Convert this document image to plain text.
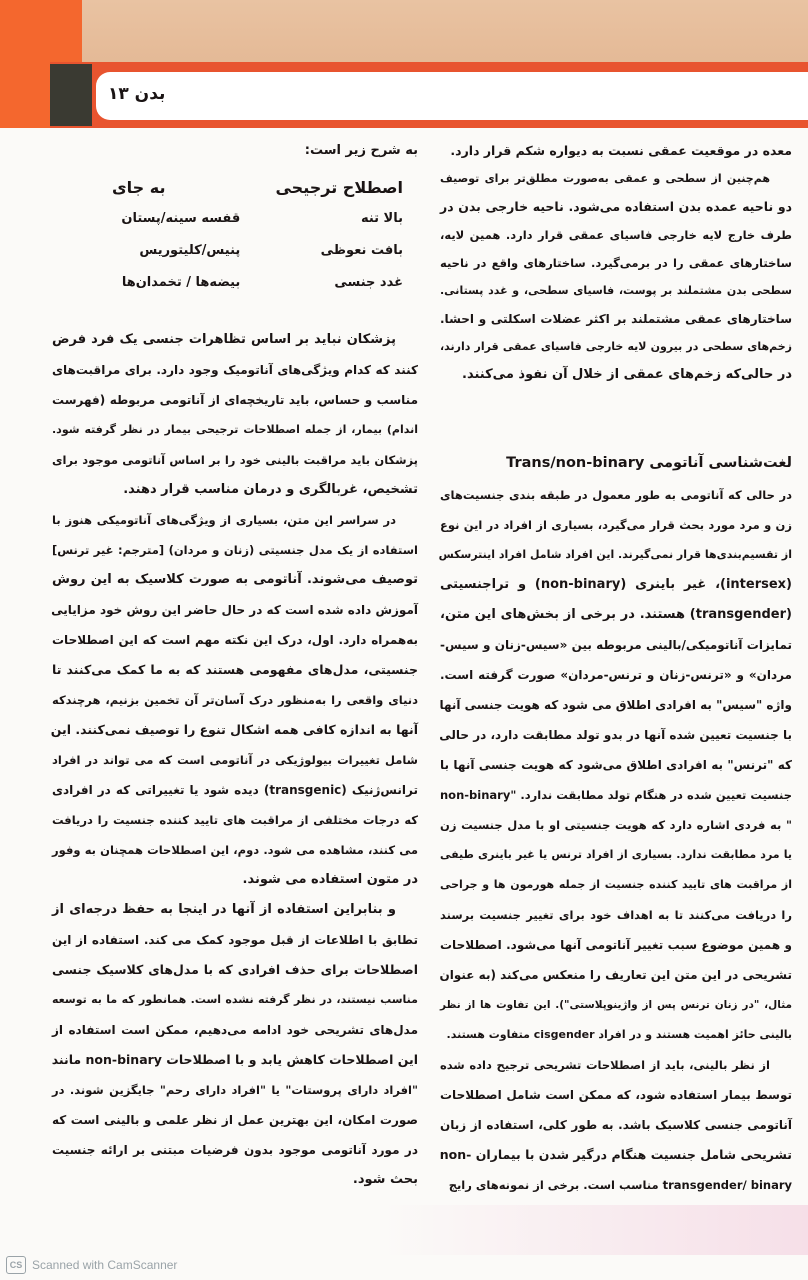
بدن ۱۳
معده در موقعیت عمقی نسبت به دیواره شکم قرار دارد.
هم‌چنین از سطحی و عمقی به‌صورت مطلق‌تر برای توصیف
دو ناحیه عمده بدن استفاده می‌شود. ناحیه خارجی بدن در
طرف خارج لایه خارجی فاسیای عمقی قرار دارد. همین لایه،
ساختارهای عمقی را در برمی‌گیرد. ساختارهای واقع در ناحیه
سطحی بدن مشتملند بر پوست، فاسیای سطحی، و غدد پستانی.
ساختارهای عمقی مشتملند بر اکثر عضلات اسکلتی و احشا.
زخم‌های سطحی در بیرون لایه خارجی فاسیای عمقی قرار دارند،
در حالی‌که زخم‌های عمقی از خلال آن نفوذ می‌کنند.
لغت‌شناسی آناتومی Trans/non-binary
در حالی که آناتومی به طور معمول در طبقه بندی جنسیت‌های
زن و مرد مورد بحث قرار می‌گیرد، بسیاری از افراد در این نوع
از تقسیم‌بندی‌ها قرار نمی‌گیرند. این افراد شامل افراد اینترسکس
(intersex)، غیر باینری (non-binary) و تراجنسیتی
(transgender) هستند. در برخی از بخش‌های این متن،
تمایزات آناتومیکی/بالینی مربوطه بین «سیس-زنان و سیس-
مردان» و «ترنس-زنان و ترنس-مردان» صورت گرفته است.
واژه "سیس" به افرادی اطلاق می شود که هویت جنسی آنها
با جنسیت تعیین شده آنها در بدو تولد مطابقت دارد، در حالی
که "ترنس" به افرادی اطلاق می‌شود که هویت جنسی آنها با
جنسیت تعیین شده در هنگام تولد مطابقت ندارد. "non-binary
" به فردی اشاره دارد که هویت جنسیتی او با مدل جنسیت زن
یا مرد مطابقت ندارد. بسیاری از افراد ترنس یا غیر باینری طیفی
از مراقبت های تایید کننده جنسیت از جمله هورمون ها و جراحی
را دریافت می‌کنند تا به اهداف خود برای تغییر جنسیت برسند
و همین موضوع سبب تغییر آناتومی آنها می‌شود. اصطلاحات
تشریحی در این متن این تعاریف را منعکس می‌کند (به عنوان
مثال، "در زنان ترنس پس از واژینوپلاستی"). این تفاوت ها از نظر
بالینی حائز اهمیت هستند و در افراد cisgender متفاوت هستند.
از نظر بالینی، باید از اصطلاحات تشریحی ترجیح داده شده
توسط بیمار استفاده شود، که ممکن است شامل اصطلاحات
آناتومی جنسی کلاسیک باشد. به طور کلی، استفاده از زبان
تشریحی شامل جنسیت هنگام درگیر شدن با بیماران -non
transgender/ binary مناسب است. برخی از نمونه‌های رایج
به شرح زیر است:
اصطلاح ترجیحی
به جای
بالا تنه
قفسه سینه/پستان
بافت نعوظی
پنیس/کلیتوریس
غدد جنسی
بیضه‌ها / تخمدان‌ها
پزشکان نباید بر اساس تظاهرات جنسی یک فرد فرض
کنند که کدام ویژگی‌های آناتومیک وجود دارد. برای مراقبت‌های
مناسب و حساس، باید تاریخچه‌ای از آناتومی مربوطه (فهرست
اندام) بیمار، از جمله اصطلاحات ترجیحی بیمار در نظر گرفته شود.
پزشکان باید مراقبت بالینی خود را بر اساس آناتومی موجود برای
تشخیص، غربالگری و درمان مناسب قرار دهند.
در سراسر این متن، بسیاری از ویژگی‌های آناتومیکی هنوز با
استفاده از یک مدل جنسیتی (زنان و مردان) [مترجم: غیر ترنس]
توصیف می‌شوند. آناتومی به صورت کلاسیک به این روش
آموزش داده شده است که در حال حاضر این روش خود مزایایی
به‌همراه دارد. اول، درک این نکته مهم است که این اصطلاحات
جنسیتی، مدل‌های مفهومی هستند که به ما کمک می‌کنند تا
دنیای واقعی را به‌منظور درک آسان‌تر آن تخمین بزنیم، هرچندکه
آنها به اندازه کافی همه اشکال تنوع را توصیف نمی‌کنند. این
شامل تغییرات بیولوژیکی در آناتومی است که می تواند در افراد
ترانس‌ژنیک (transgenic) دیده شود یا تغییراتی که در افرادی
که درجات مختلفی از مراقبت های تایید کننده جنسیت را دریافت
می کنند، مشاهده می شود. دوم، این اصطلاحات همچنان به وفور
در متون استفاده می شوند.
و بنابراین استفاده از آنها در اینجا به حفظ درجه‌ای از
تطابق با اطلاعات از قبل موجود کمک می کند. استفاده از این
اصطلاحات برای حذف افرادی که با مدل‌های کلاسیک جنسی
مناسب نیستند، در نظر گرفته نشده است. همانطور که ما به توسعه
مدل‌های تشریحی خود ادامه می‌دهیم، ممکن است استفاده از
این اصطلاحات کاهش یابد و با اصطلاحات non-binary مانند
"افراد دارای پروستات" یا "افراد دارای رحم" جایگزین شوند. در
صورت امکان، این بهترین عمل از نظر علمی و بالینی است که
در مورد آناتومی موجود بدون فرضیات مبتنی بر ارائه جنسیت
بحث شود.
CS Scanned with CamScanner
